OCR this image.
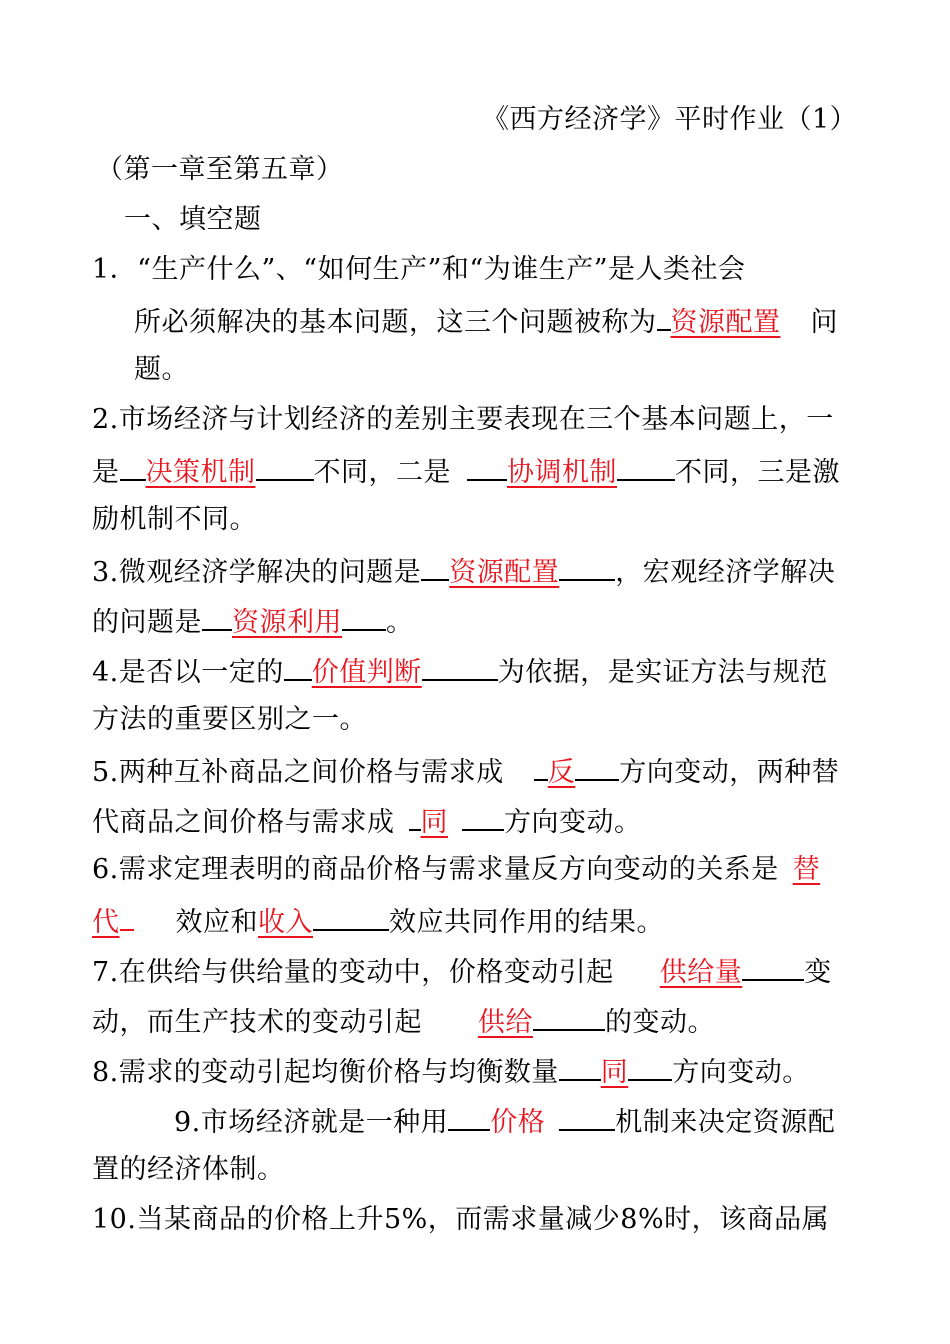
《西方经济学》平时作业（1）
（第一章至第五章）
一、填空题
1．“生产什么”、“如何生产”和“为谁生产”是人类社会
所必须解决的基本问题，这三个问题被称为 资源配置 问
题。
2.市场经济与计划经济的差别主要表现在三个基本问题上，一
是 决策机制 不同，二是 协调机制 不同，三是激
励机制不同。
3.微观经济学解决的问题是 资源配置 ，宏观经济学解决
的问题是 资源利用 。
4.是否以一定的 价值判断	为依据，是实证方法与规范
方法的重要区别之一。
5.两种互补商品之间价格与需求成 反 方向变动，两种替
代商品之间价格与需求成 同 方向变动。
6.需求定理表明的商品价格与需求量反方向变动的关系是 替
代 效应和收入	效应共同作用的结果。
7.在供给与供给量的变动中，价格变动引起 供给量 变
动，而生产技术的变动引起 供给	的变动。
8.需求的变动引起均衡价格与均衡数量 同 方向变动。
9.市场经济就是一种用 价格	机制来决定资源配
置的经济体制。
10.当某商品的价格上升5%，而需求量减少8%时，该商品属
